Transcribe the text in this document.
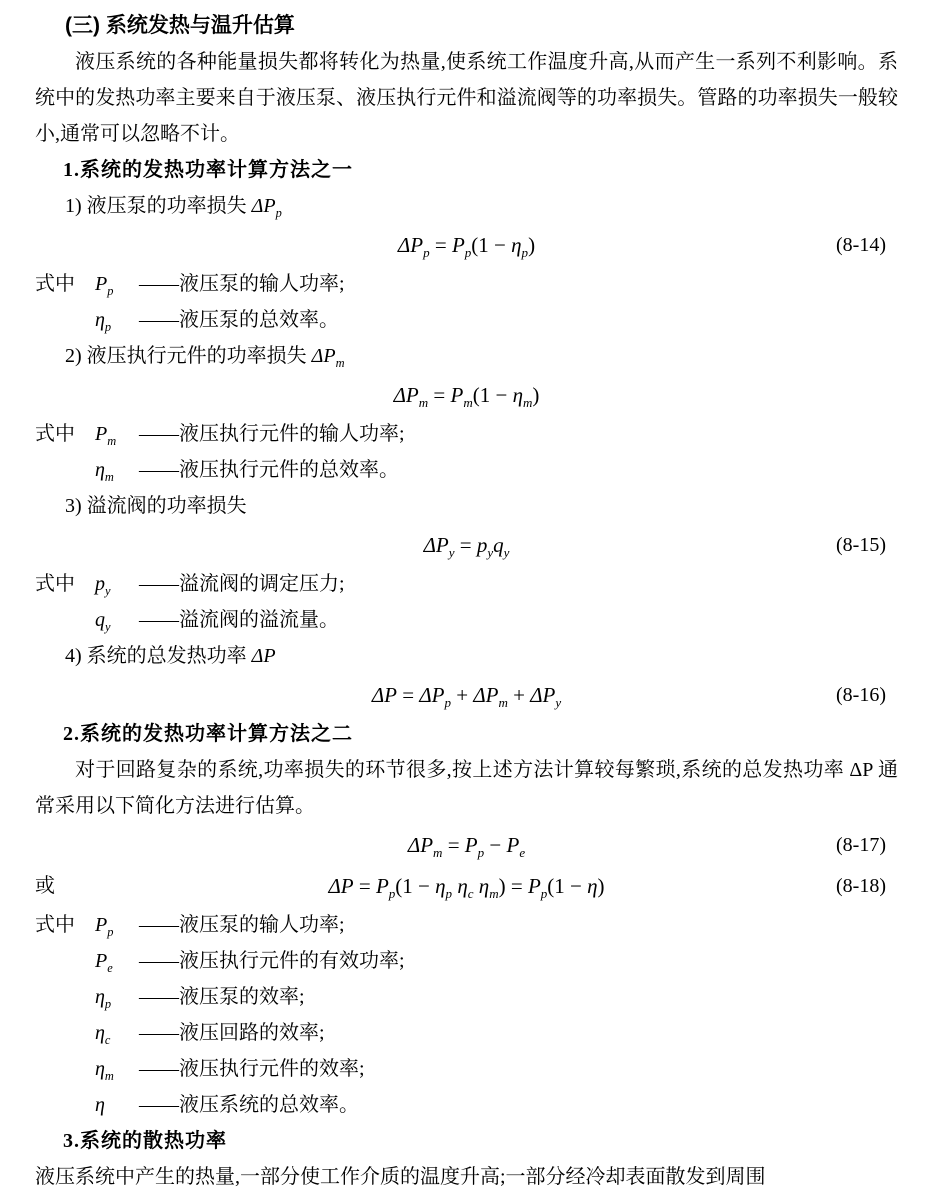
(三) 系统发热与温升估算
液压系统的各种能量损失都将转化为热量,使系统工作温度升高,从而产生一系列不利影响。系统中的发热功率主要来自于液压泵、液压执行元件和溢流阀等的功率损失。管路的功率损失一般较小,通常可以忽略不计。
1.系统的发热功率计算方法之一
1) 液压泵的功率损失 $\Delta P_p$
$\Delta P_p = P_p(1 - \eta_p)$	(8-14)
式中	$P_p$	——液压泵的输人功率;
$\eta_p$	——液压泵的总效率。
2) 液压执行元件的功率损失 $\Delta P_m$
$\Delta P_m = P_m(1 - \eta_m)$
式中	$P_m$	——液压执行元件的输人功率;
$\eta_m$	——液压执行元件的总效率。
3) 溢流阀的功率损失
$\Delta P_y = p_yq_y$	(8-15)
式中	$p_y$	——溢流阀的调定压力;
$q_y$	——溢流阀的溢流量。
4) 系统的总发热功率 ΔP
$\Delta P = \Delta P_p + \Delta P_m + \Delta P_y$	(8-16)
2.系统的发热功率计算方法之二
对于回路复杂的系统,功率损失的环节很多,按上述方法计算较每繁琐,系统的总发热功率 ΔP 通常采用以下简化方法进行估算。
$\Delta P_m = P_p - P_e$	(8-17)
或	$\Delta P = P_p(1 - \eta_p$ $\eta_c$ $\eta_m) = P_p(1 - \eta)$	(8-18)
式中	$P_p$	——液压泵的输人功率;
$P_e$	——液压执行元件的有效功率;
$\eta_p$	——液压泵的效率;
$\eta_c$	——液压回路的效率;
$\eta_m$	——液压执行元件的效率;
η	——液压系统的总效率。
3.系统的散热功率
液压系统中产生的热量,一部分使工作介质的温度升高;一部分经冷却表面散发到周围
